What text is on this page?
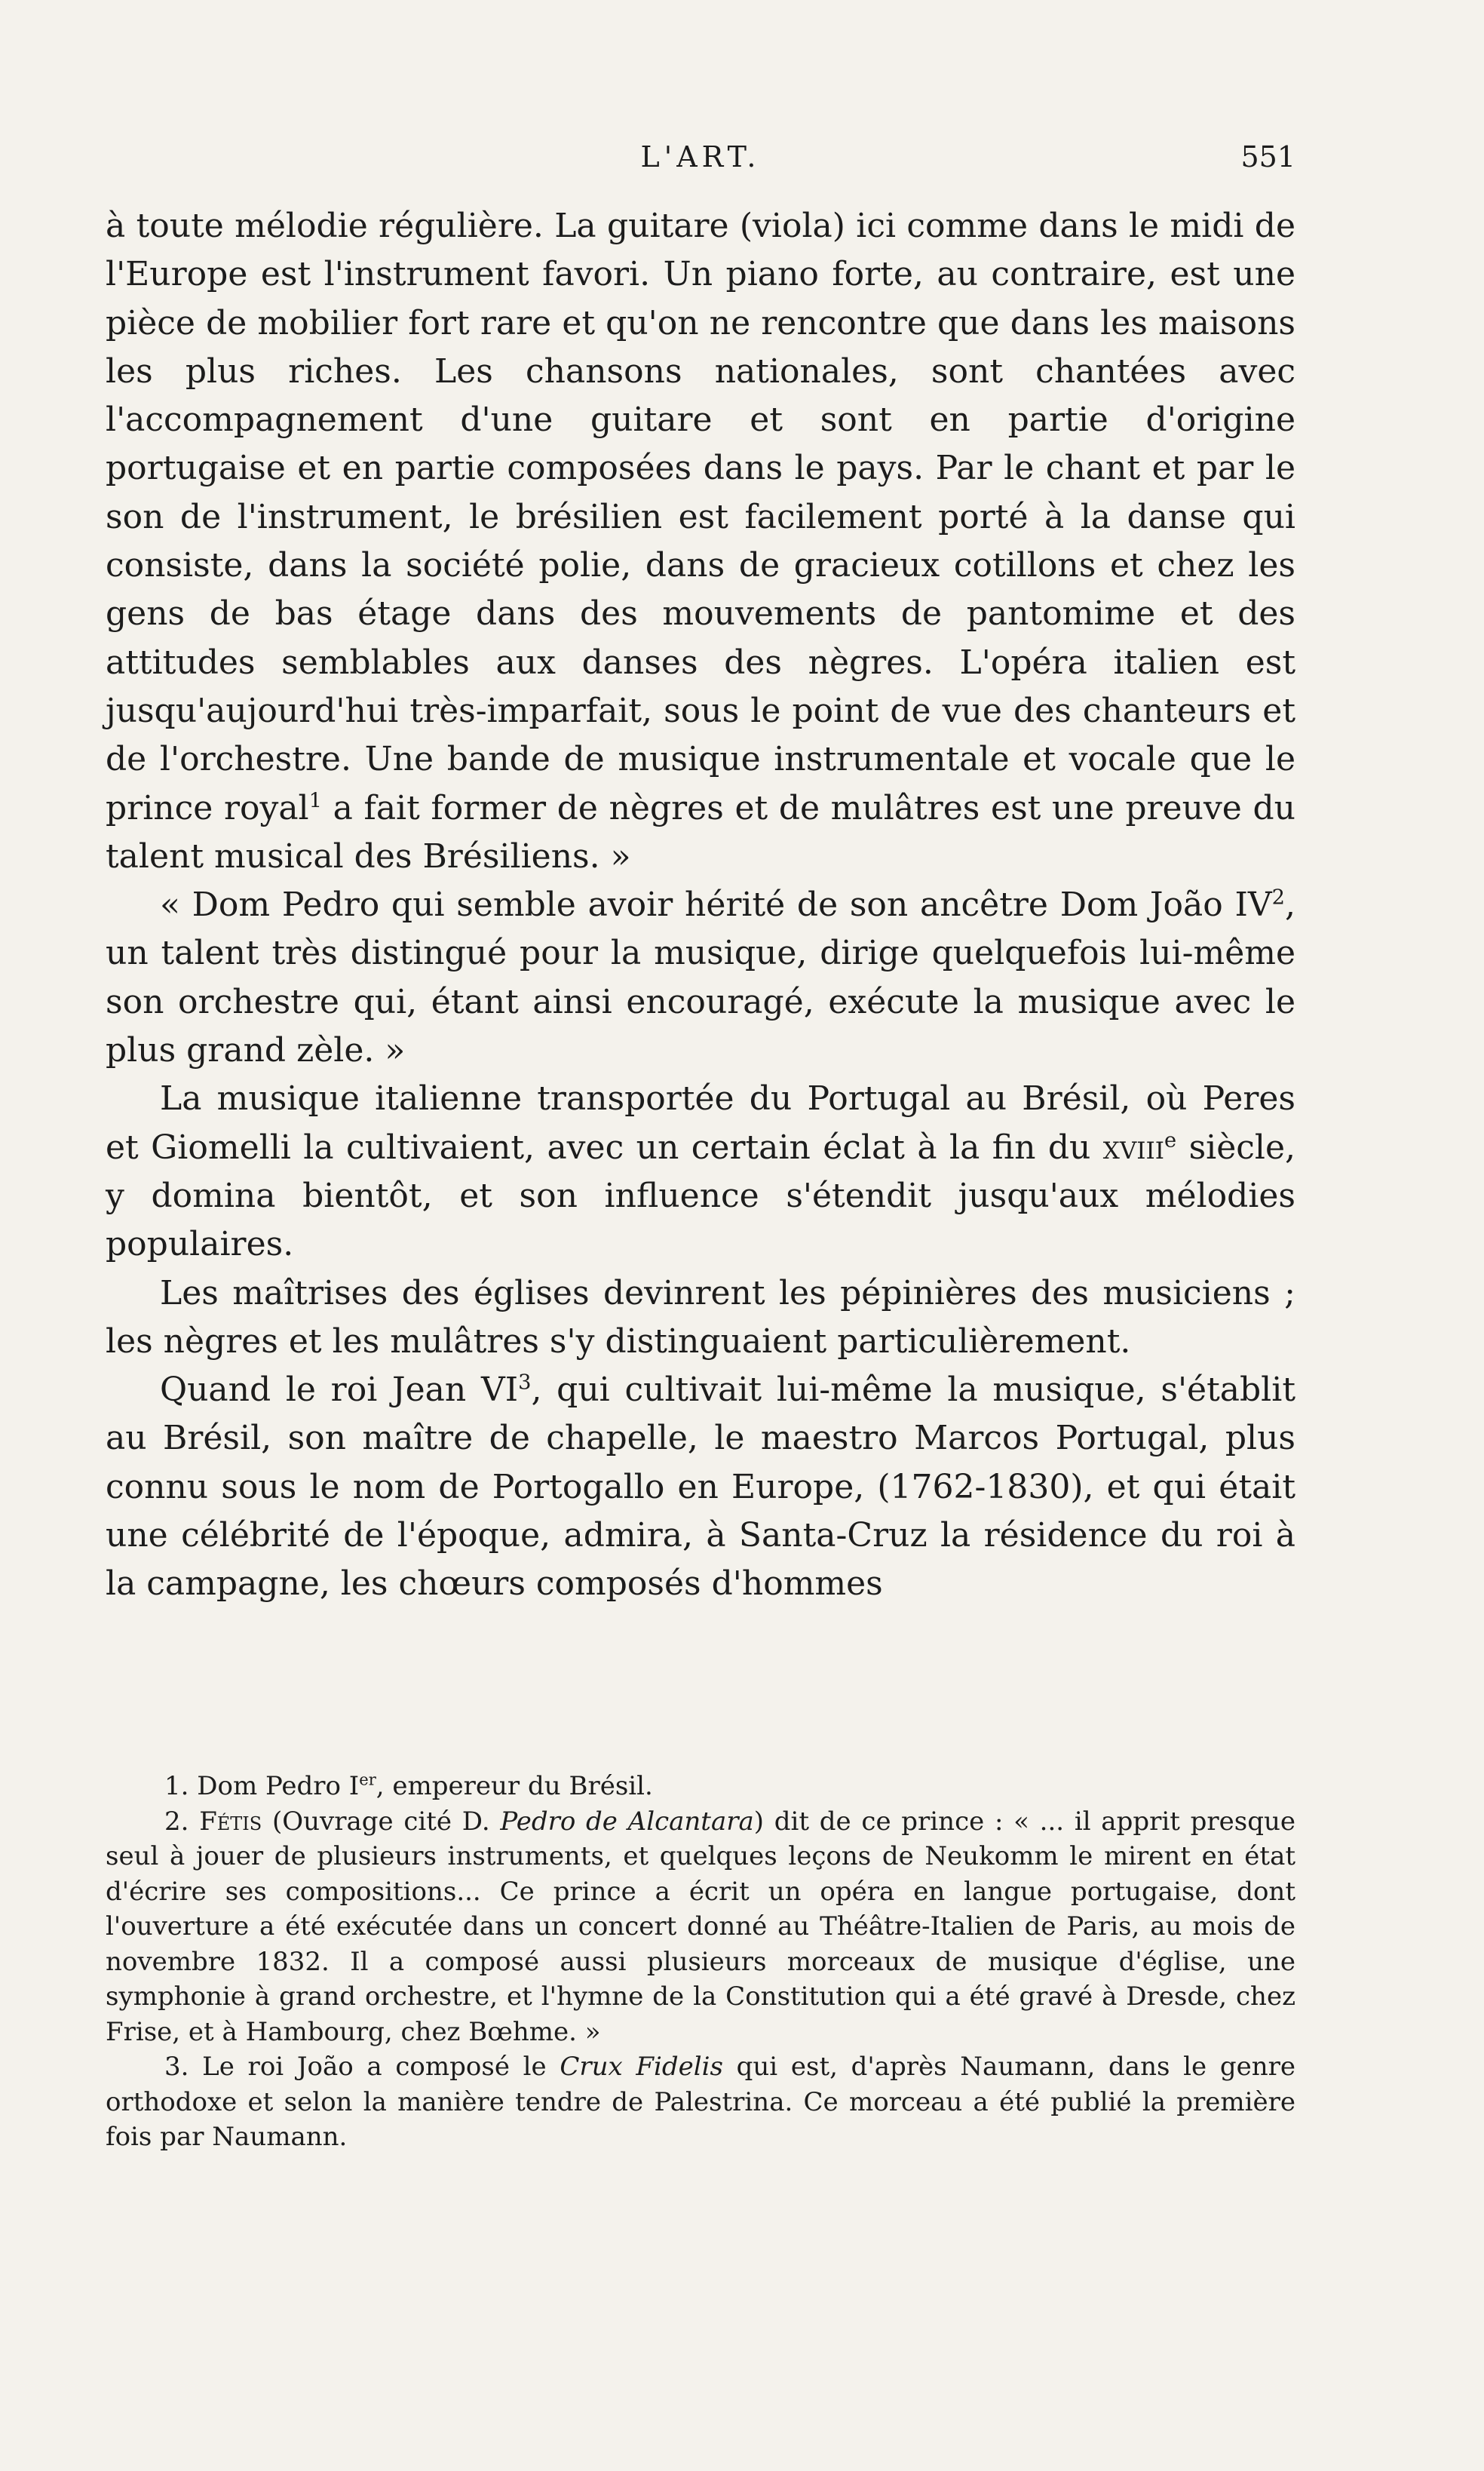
L'ART.	551

à toute mélodie régulière. La guitare (viola) ici comme dans le midi de l'Europe est l'instrument favori. Un piano forte, au contraire, est une pièce de mobilier fort rare et qu'on ne rencontre que dans les maisons les plus riches. Les chansons nationales, sont chantées avec l'accompagnement d'une guitare et sont en partie d'origine portugaise et en partie composées dans le pays. Par le chant et par le son de l'instrument, le brésilien est facilement porté à la danse qui consiste, dans la société polie, dans de gracieux cotillons et chez les gens de bas étage dans des mouvements de pantomime et des attitudes semblables aux danses des nègres. L'opéra italien est jusqu'aujourd'hui très-imparfait, sous le point de vue des chanteurs et de l'orchestre. Une bande de musique instrumentale et vocale que le prince royal$^1$ a fait former de nègres et de mulâtres est une preuve du talent musical des Brésiliens. »

« Dom Pedro qui semble avoir hérité de son ancêtre Dom João $IV^2$, un talent très distingué pour la musique, dirige quelquefois lui-même son orchestre qui, étant ainsi encouragé, exécute la musique avec le plus grand zèle. »

La musique italienne transportée du Portugal au Brésil, où Peres et Giomelli la cultivaient, avec un certain éclat à la fin du xviii$^e$ siècle, y domina bientôt, et son influence s'étendit jusqu'aux mélodies populaires.

Les maîtrises des églises devinrent les pépinières des musiciens ; les nègres et les mulâtres s'y distinguaient particulièrement.

Quand le roi Jean $VI^3$, qui cultivait lui-même la musique, s'établit au Brésil, son maître de chapelle, le maestro Marcos Portugal, plus connu sous le nom de Portogallo en Europe, (1762-1830), et qui était une célébrité de l'époque, admira, à Santa-Cruz la résidence du roi à la campagne, les chœurs composés d'hommes

1. Dom Pedro Ier, empereur du Brésil.

2. Fétis (Ouvrage cité D. Pedro de Alcantara) dit de ce prince : « ... il apprit presque seul à jouer de plusieurs instruments, et quelques leçons de Neukomm le mirent en état d'écrire ses compositions... Ce prince a écrit un opéra en langue portugaise, dont l'ouverture a été exécutée dans un concert donné au Théâtre-Italien de Paris, au mois de novembre 1832. Il a composé aussi plusieurs morceaux de musique d'église, une symphonie à grand orchestre, et l'hymne de la Constitution qui a été gravé à Dresde, chez Frise, et à Hambourg, chez Bœhme. »

3. Le roi João a composé le Crux Fidelis qui est, d'après Naumann, dans le genre orthodoxe et selon la manière tendre de Palestrina. Ce morceau a été publié la première fois par Naumann.
